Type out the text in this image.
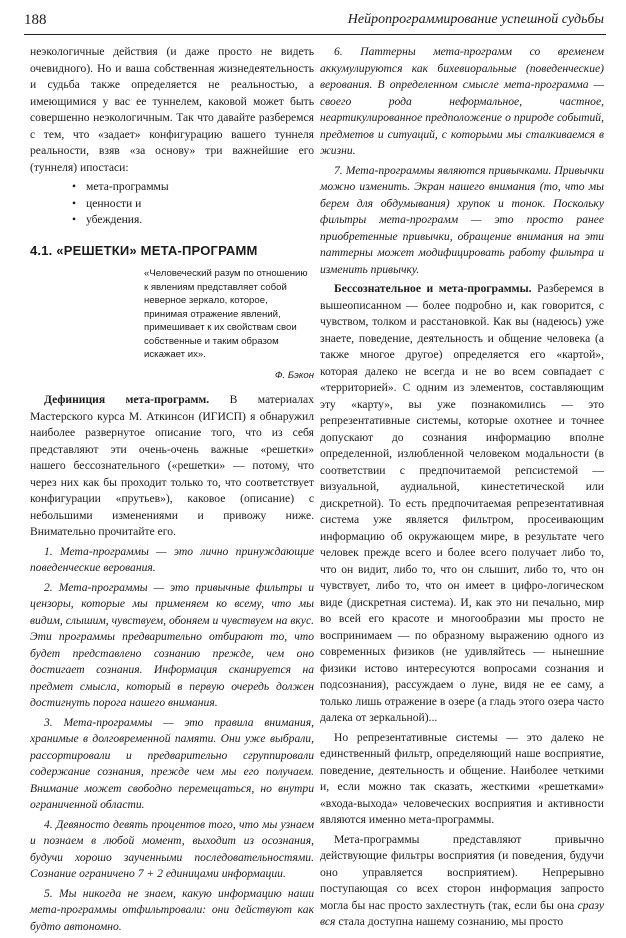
188	Нейропрограммирование успешной судьбы

неэкологичные действия (и даже просто не видеть очевидного). Но и ваша собственная жизнедеятельность и судьба также определяется не реальностью, а имеющимися у вас ее туннелем, каковой может быть совершенно неэкологичным. Так что давайте разберемся с тем, что «задает» конфигурацию вашего туннеля реальности, взяв «за основу» три важнейшие его (туннеля) ипостаси:

• мета-программы
• ценности и
• убеждения.
4.1. «РЕШЕТКИ» МЕТА-ПРОГРАММ
«Человеческий разум по отношению к явлениям представляет собой неверное зеркало, которое, принимая отражение явлений, примешивает к их свойствам свои собственные и таким образом искажает их».
Ф. Бэкон

Дефиниция мета-программ. В материалах Мастерского курса М. Аткинсон (ИГИСП) я обнаружил наиболее развернутое описание того, что из себя представляют эти очень-очень важные «решетки» нашего бессознательного («решетки» — потому, что через них как бы проходит только то, что соответствует конфигурации «прутьев»), каковое (описание) с небольшими изменениями и привожу ниже. Внимательно прочитайте его.

1. Мета-программы — это лично принуждающие поведенческие верования.

2. Мета-программы — это привычные фильтры и цензоры, которые мы применяем ко всему, что мы видим, слышим, чувствуем, обоняем и чувствуем на вкус. Эти программы предварительно отбирают то, что будет представлено сознанию прежде, чем оно достигает сознания. Информация сканируется на предмет смысла, который в первую очередь должен достигнуть порога нашего внимания.

3. Мета-программы — это правила внимания, хранимые в долговременной памяти. Они уже выбрали, рассортировали и предварительно сгруппировали содержание сознания, прежде чем мы его получаем. Внимание может свободно перемещаться, но внутри ограниченной области.

4. Девяносто девять процентов того, что мы узнаем и познаем в любой момент, выходит из осознания, будучи хорошо заученными последовательностями. Сознание ограничено 7 + 2 единицами информации.

5. Мы никогда не знаем, какую информацию наши мета-программы отфильтровали: они действуют как будто автономно.

6. Паттерны мета-программ со временем аккумулируются как бихевиоральные (поведенческие) верования. В определенном смысле мета-программа — своего рода неформальное, частное, неартикулированное предположение о природе событий, предметов и ситуаций, с которыми мы сталкиваемся в жизни.

7. Мета-программы являются привычками. Привычки можно изменить. Экран нашего внимания (то, что мы берем для обдумывания) хрупок и тонок. Поскольку фильтры мета-программ — это просто ранее приобретенные привычки, обращение внимания на эти паттерны может модифицировать работу фильтра и изменить привычку.

Бессознательное и мета-программы. Разберемся в вышеописанном — более подробно и, как говорится, с чувством, толком и расстановкой. Как вы (надеюсь) уже знаете, поведение, деятельность и общение человека (а также многое другое) определяется его «картой», которая далеко не всегда и не во всем совпадает с «территорией». С одним из элементов, составляющим эту «карту», вы уже познакомились — это репрезентативные системы, которые охотнее и точнее допускают до сознания информацию вполне определенной, излюбленной человеком модальности (в соответствии с предпочитаемой репсистемой — визуальной, аудиальной, кинестетической или дискретной). То есть предпочитаемая репрезентативная система уже является фильтром, просеивающим информацию об окружающем мире, в результате чего человек прежде всего и более всего получает либо то, что он видит, либо то, что он слышит, либо то, что он чувствует, либо то, что он имеет в цифро-логическом виде (дискретная система). И, как это ни печально, мир во всей его красоте и многообразии мы просто не воспринимаем — по образному выражению одного из современных физиков (не удивляйтесь — нынешние физики истово интересуются вопросами сознания и подсознания), рассуждаем о луне, видя не ее саму, а только лишь отражение в озере (а гладь этого озера часто далека от зеркальной)...

Но репрезентативные системы — это далеко не единственный фильтр, определяющий наше восприятие, поведение, деятельность и общение. Наиболее четкими и, если можно так сказать, жесткими «решетками» «входа-выхода» человеческих восприятия и активности являются именно мета-программы.

Мета-программы представляют привычно действующие фильтры восприятия (и поведения, будучи оно управляется восприятием). Непрерывно поступающая со всех сторон информация запросто могла бы нас просто захлестнуть (так, если бы она сразу вся стала доступна нашему сознанию, мы просто
